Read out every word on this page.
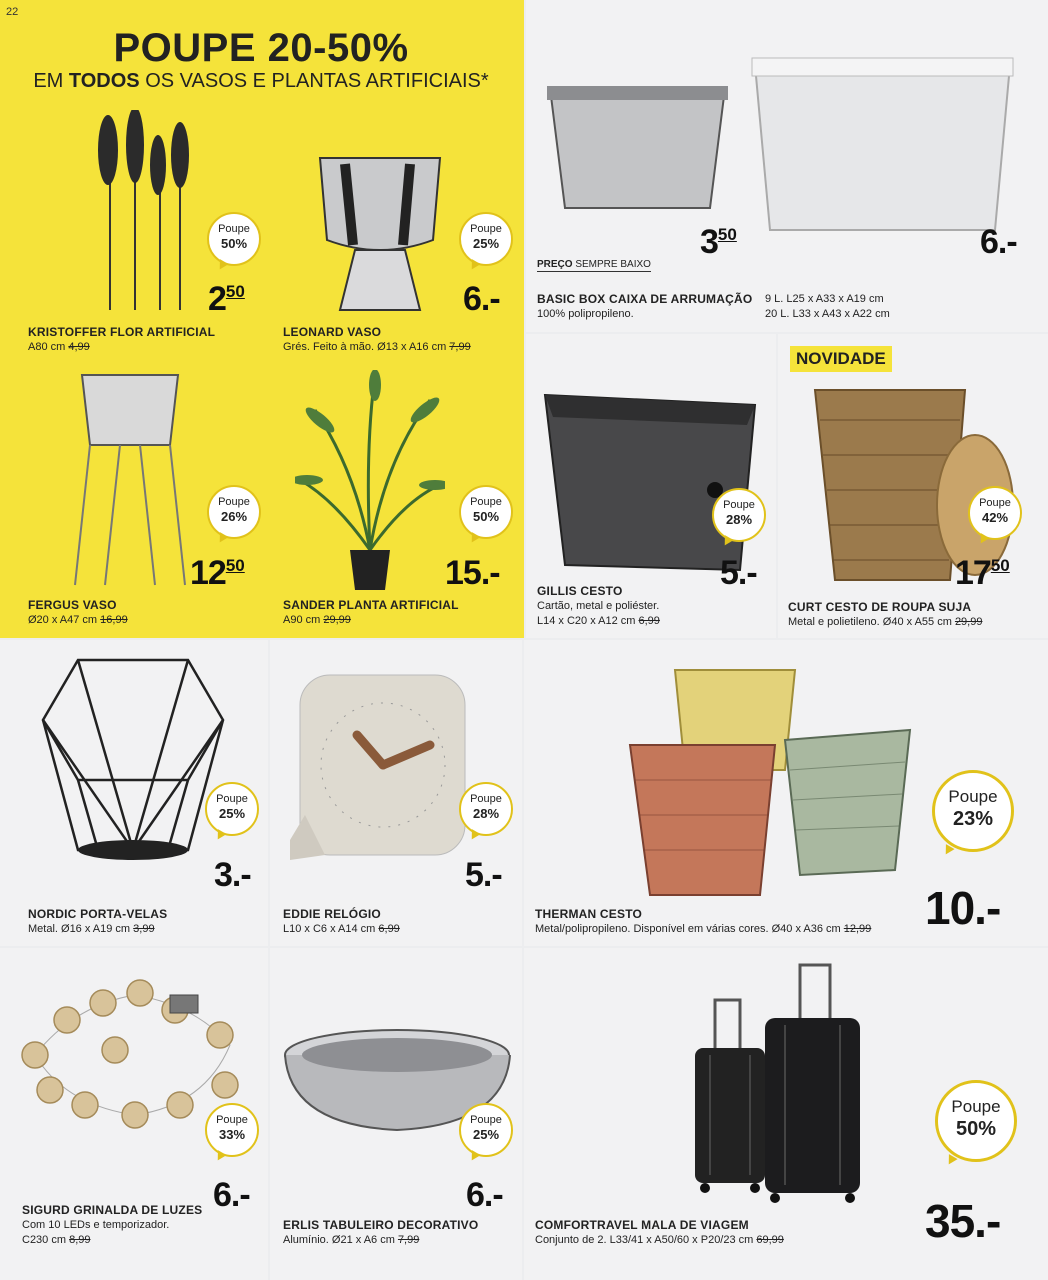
22
POUPE 20-50%
EM TODOS OS VASOS E PLANTAS ARTIFICIAIS*
Poupe
50%
$2^{50}$
KRISTOFFER FLOR ARTIFICIAL
A80 cm 4,99
Poupe
25%
6.-
LEONARD VASO
Grés. Feito à mão. Ø13 x A16 cm 7,99
Poupe
26%
$12^{50}$
FERGUS VASO
Ø20 x A47 cm 16,99
Poupe
50%
15.-
SANDER PLANTA ARTIFICIAL
A90 cm 29,99
$3^{50}$	6.-
PREÇO SEMPRE BAIXO
BASIC BOX CAIXA DE ARRUMAÇÃO
100% polipropileno.
9 L. L25 x A33 x A19 cm
20 L. L33 x A43 x A22 cm
Poupe
28%
5.-
GILLIS CESTO
Cartão, metal e poliéster.
L14 x C20 x A12 cm 6,99
NOVIDADE
Poupe
42%
$17^{50}$
CURT CESTO DE ROUPA SUJA
Metal e polietileno. Ø40 x A55 cm 29,99
Poupe
25%
3.-
NORDIC PORTA-VELAS
Metal. Ø16 x A19 cm 3,99
Poupe
28%
5.-
EDDIE RELÓGIO
L10 x C6 x A14 cm 6,99
Poupe
23%
10.-
THERMAN CESTO
Metal/polipropileno. Disponível em várias cores. Ø40 x A36 cm 12,99
Poupe
33%
6.-
SIGURD GRINALDA DE LUZES
Com 10 LEDs e temporizador.
C230 cm 8,99
Poupe
25%
6.-
ERLIS TABULEIRO DECORATIVO
Alumínio. Ø21 x A6 cm 7,99
Poupe
50%
35.-
COMFORTRAVEL MALA DE VIAGEM
Conjunto de 2. L33/41 x A50/60 x P20/23 cm 69,99
